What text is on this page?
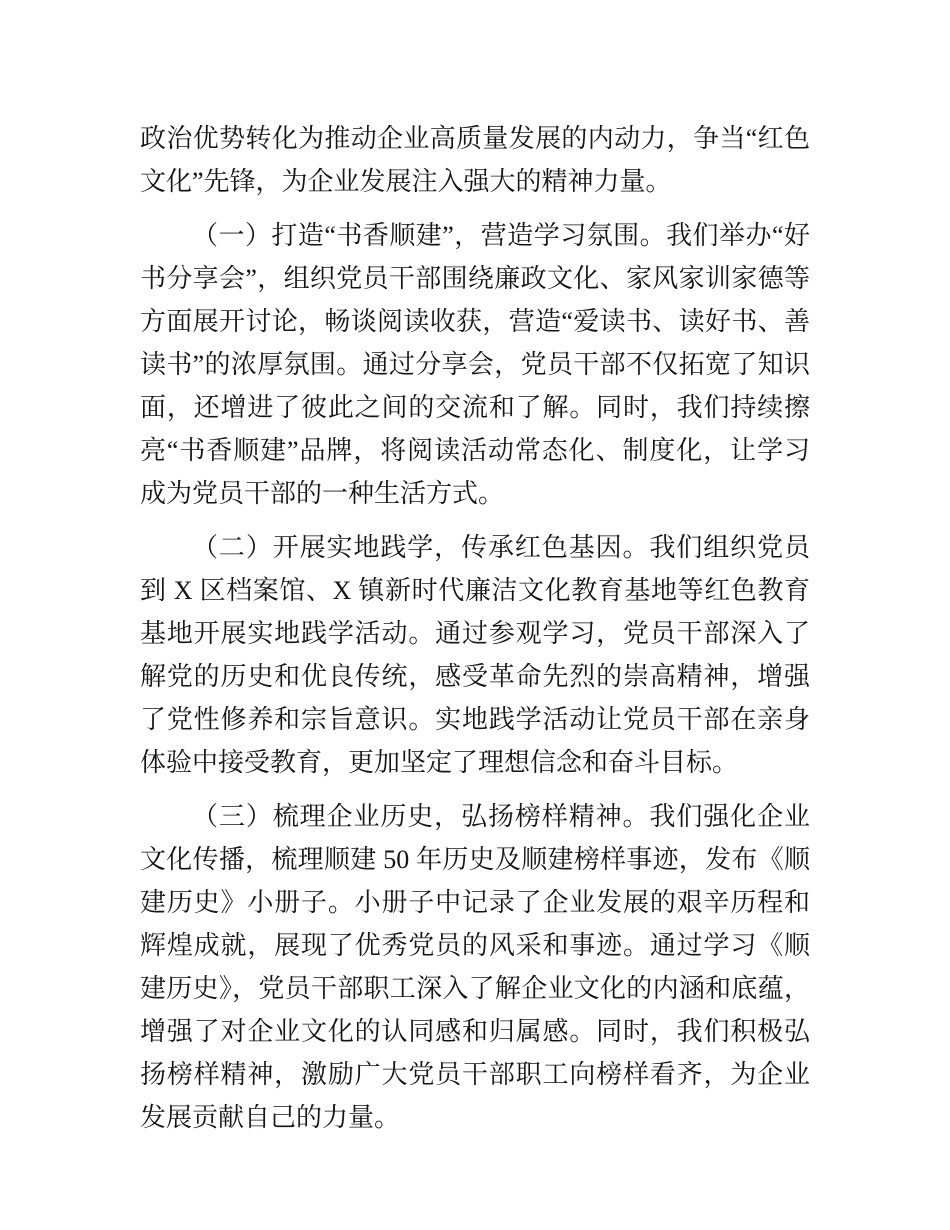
政治优势转化为推动企业高质量发展的内动力，争当“红色文化”先锋，为企业发展注入强大的精神力量。

（一）打造“书香顺建”，营造学习氛围。我们举办“好书分享会”，组织党员干部围绕廉政文化、家风家训家德等方面展开讨论，畅谈阅读收获，营造“爱读书、读好书、善读书”的浓厚氛围。通过分享会，党员干部不仅拓宽了知识面，还增进了彼此之间的交流和了解。同时，我们持续擦亮“书香顺建”品牌，将阅读活动常态化、制度化，让学习成为党员干部的一种生活方式。

（二）开展实地践学，传承红色基因。我们组织党员到 X 区档案馆、X 镇新时代廉洁文化教育基地等红色教育基地开展实地践学活动。通过参观学习，党员干部深入了解党的历史和优良传统，感受革命先烈的崇高精神，增强了党性修养和宗旨意识。实地践学活动让党员干部在亲身体验中接受教育，更加坚定了理想信念和奋斗目标。

（三）梳理企业历史，弘扬榜样精神。我们强化企业文化传播，梳理顺建 50 年历史及顺建榜样事迹，发布《顺建历史》小册子。小册子中记录了企业发展的艰辛历程和辉煌成就，展现了优秀党员的风采和事迹。通过学习《顺建历史》，党员干部职工深入了解企业文化的内涵和底蕴，增强了对企业文化的认同感和归属感。同时，我们积极弘扬榜样精神，激励广大党员干部职工向榜样看齐，为企业发展贡献自己的力量。
